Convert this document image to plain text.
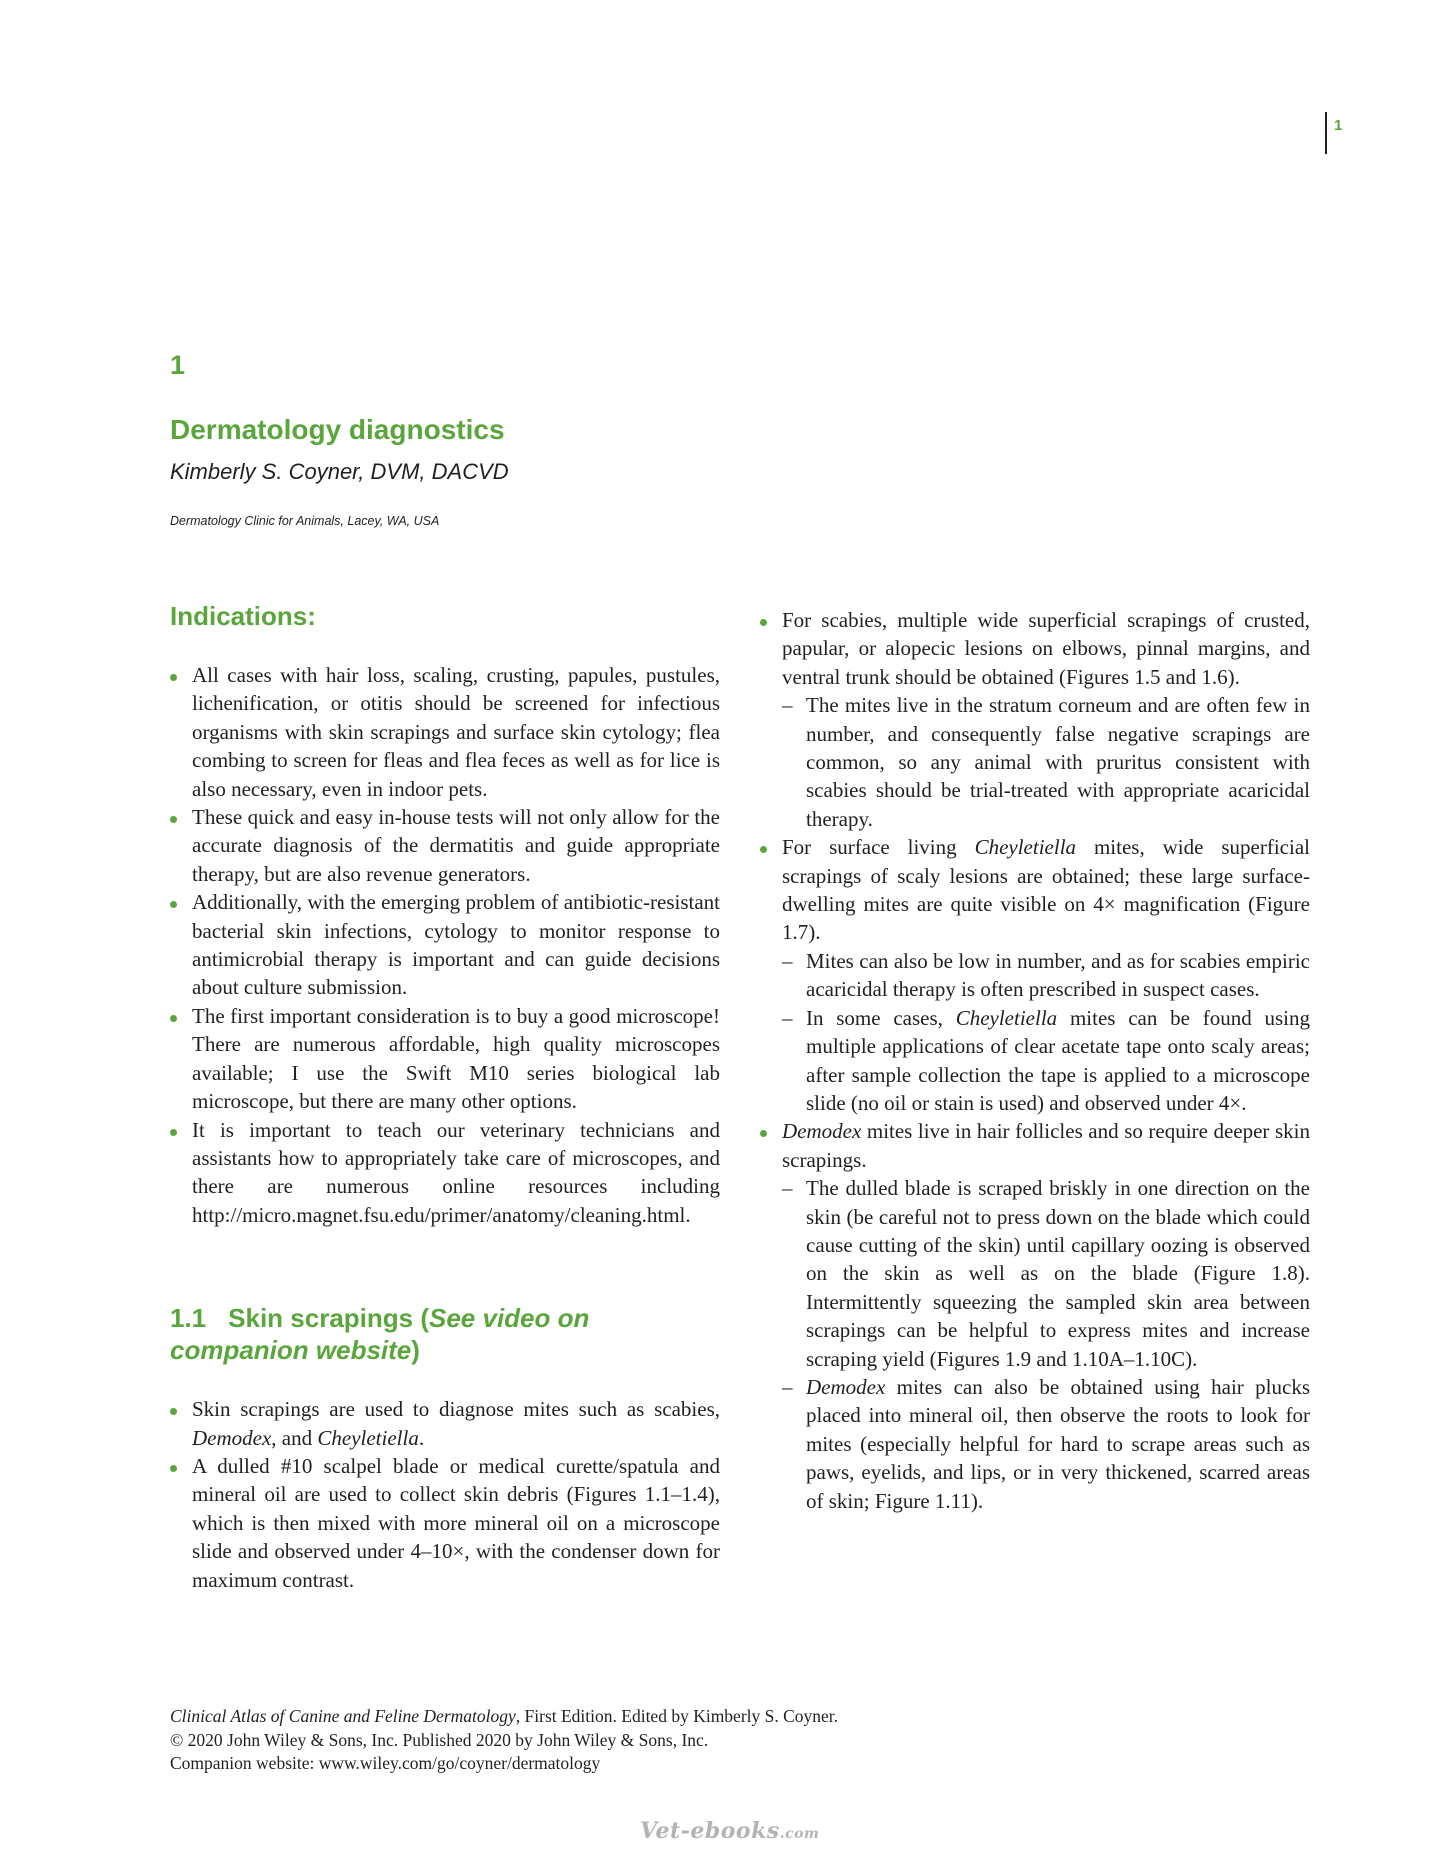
1
1
Dermatology diagnostics
Kimberly S. Coyner, DVM, DACVD
Dermatology Clinic for Animals, Lacey, WA, USA
Indications:
All cases with hair loss, scaling, crusting, papules, pustules, lichenification, or otitis should be screened for infectious organisms with skin scrapings and surface skin cytology; flea combing to screen for fleas and flea feces as well as for lice is also necessary, even in indoor pets.
These quick and easy in-house tests will not only allow for the accurate diagnosis of the dermatitis and guide appropriate therapy, but are also revenue generators.
Additionally, with the emerging problem of antibiotic-resistant bacterial skin infections, cytology to monitor response to antimicrobial therapy is important and can guide decisions about culture submission.
The first important consideration is to buy a good microscope! There are numerous affordable, high quality microscopes available; I use the Swift M10 series biological lab microscope, but there are many other options.
It is important to teach our veterinary technicians and assistants how to appropriately take care of microscopes, and there are numerous online resources including http://micro.magnet.fsu.edu/primer/anatomy/cleaning.html.
1.1 Skin scrapings (See video on companion website)
Skin scrapings are used to diagnose mites such as scabies, Demodex, and Cheyletiella.
A dulled #10 scalpel blade or medical curette/spatula and mineral oil are used to collect skin debris (Figures 1.1–1.4), which is then mixed with more mineral oil on a microscope slide and observed under 4–10×, with the condenser down for maximum contrast.
For scabies, multiple wide superficial scrapings of crusted, papular, or alopecic lesions on elbows, pinnal margins, and ventral trunk should be obtained (Figures 1.5 and 1.6).
– The mites live in the stratum corneum and are often few in number, and consequently false negative scrapings are common, so any animal with pruritus consistent with scabies should be trial-treated with appropriate acaricidal therapy.
For surface living Cheyletiella mites, wide superficial scrapings of scaly lesions are obtained; these large surface-dwelling mites are quite visible on 4× magnification (Figure 1.7).
– Mites can also be low in number, and as for scabies empiric acaricidal therapy is often prescribed in suspect cases.
– In some cases, Cheyletiella mites can be found using multiple applications of clear acetate tape onto scaly areas; after sample collection the tape is applied to a microscope slide (no oil or stain is used) and observed under 4×.
Demodex mites live in hair follicles and so require deeper skin scrapings.
– The dulled blade is scraped briskly in one direction on the skin (be careful not to press down on the blade which could cause cutting of the skin) until capillary oozing is observed on the skin as well as on the blade (Figure 1.8). Intermittently squeezing the sampled skin area between scrapings can be helpful to express mites and increase scraping yield (Figures 1.9 and 1.10A–1.10C).
– Demodex mites can also be obtained using hair plucks placed into mineral oil, then observe the roots to look for mites (especially helpful for hard to scrape areas such as paws, eyelids, and lips, or in very thickened, scarred areas of skin; Figure 1.11).
Clinical Atlas of Canine and Feline Dermatology, First Edition. Edited by Kimberly S. Coyner.
© 2020 John Wiley & Sons, Inc. Published 2020 by John Wiley & Sons, Inc.
Companion website: www.wiley.com/go/coyner/dermatology
Vet-ebooks.com
